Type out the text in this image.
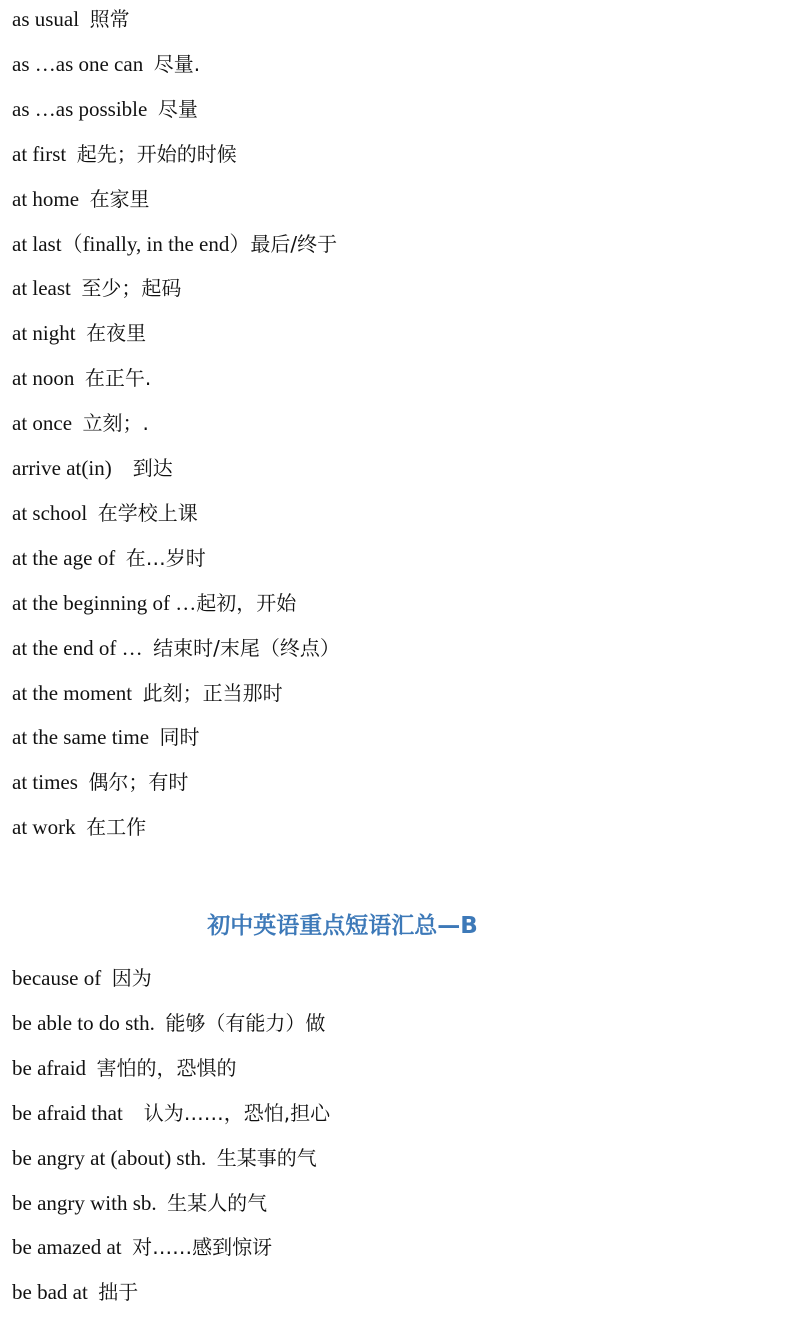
as usual 照常
as …as one can 尽量.
as …as possible 尽量
at first 起先；开始的时候
at home 在家里
at last（finally, in the end）最后/终于
at least 至少；起码
at night 在夜里
at noon 在正午.
at once 立刻；.
arrive at(in) 到达
at school 在学校上课
at the age of 在…岁时
at the beginning of …起初，开始
at the end of … 结束时/末尾（终点）
at the moment 此刻；正当那时
at the same time 同时
at times 偶尔；有时
at work 在工作
初中英语重点短语汇总—B
because of 因为
be able to do sth. 能够（有能力）做
be afraid 害怕的，恐惧的
be afraid that 认为……，恐怕,担心
be angry at (about) sth. 生某事的气
be angry with sb. 生某人的气
be amazed at 对……感到惊讶
be bad at 拙于
